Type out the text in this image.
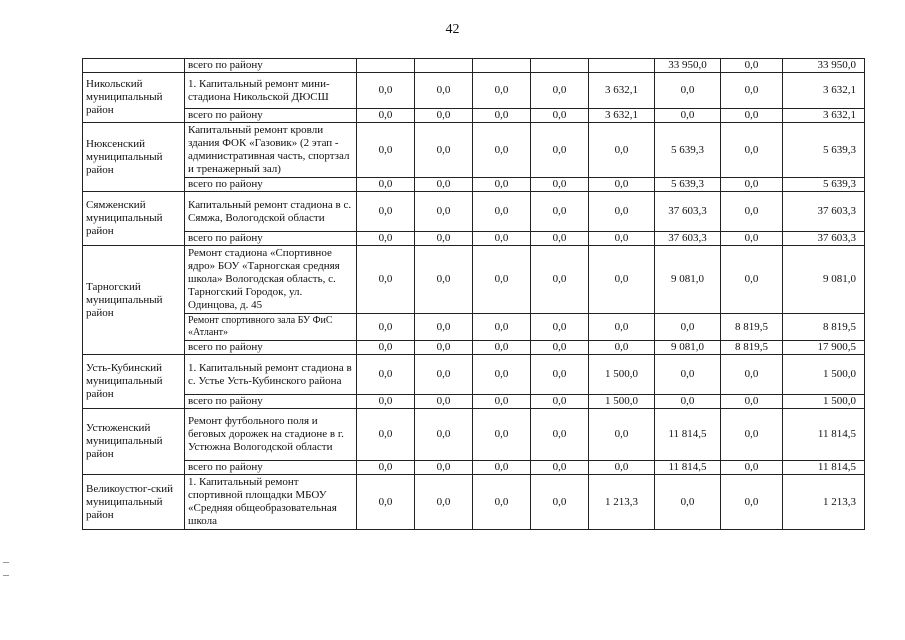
42
	всего по району						33 950,0	0,0	33 950,0
Никольский муниципальный район	1. Капитальный ремонт мини-стадиона Никольской ДЮСШ	0,0	0,0	0,0	0,0	3 632,1	0,0	0,0	3 632,1
	всего по району	0,0	0,0	0,0	0,0	3 632,1	0,0	0,0	3 632,1
Нюксенский муниципальный район	Капитальный ремонт кровли здания ФОК «Газовик» (2 этап - административная часть, спортзал и тренажерный зал)	0,0	0,0	0,0	0,0	0,0	5 639,3	0,0	5 639,3
	всего по району	0,0	0,0	0,0	0,0	0,0	5 639,3	0,0	5 639,3
Сямженский муниципальный район	Капитальный ремонт стадиона в с. Сямжа, Вологодской области	0,0	0,0	0,0	0,0	0,0	37 603,3	0,0	37 603,3
	всего по району	0,0	0,0	0,0	0,0	0,0	37 603,3	0,0	37 603,3
Тарногский муниципальный район	Ремонт стадиона «Спортивное ядро» БОУ «Тарногская средняя школа» Вологодская область, с. Тарногский Городок, ул. Одинцова, д. 45	0,0	0,0	0,0	0,0	0,0	9 081,0	0,0	9 081,0
	Ремонт спортивного зала БУ ФиС «Атлант»	0,0	0,0	0,0	0,0	0,0	0,0	8 819,5	8 819,5
	всего по району	0,0	0,0	0,0	0,0	0,0	9 081,0	8 819,5	17 900,5
Усть-Кубинский муниципальный район	1. Капитальный ремонт стадиона в с. Устье Усть-Кубинского района	0,0	0,0	0,0	0,0	1 500,0	0,0	0,0	1 500,0
	всего по району	0,0	0,0	0,0	0,0	1 500,0	0,0	0,0	1 500,0
Устюженский муниципальный район	Ремонт футбольного поля и беговых дорожек на стадионе в г. Устюжна Вологодской области	0,0	0,0	0,0	0,0	0,0	11 814,5	0,0	11 814,5
	всего по району	0,0	0,0	0,0	0,0	0,0	11 814,5	0,0	11 814,5
Великоустюг-ский муниципальный район	1. Капитальный ремонт спортивной площадки МБОУ «Средняя общеобразовательная школа	0,0	0,0	0,0	0,0	1 213,3	0,0	0,0	1 213,3
